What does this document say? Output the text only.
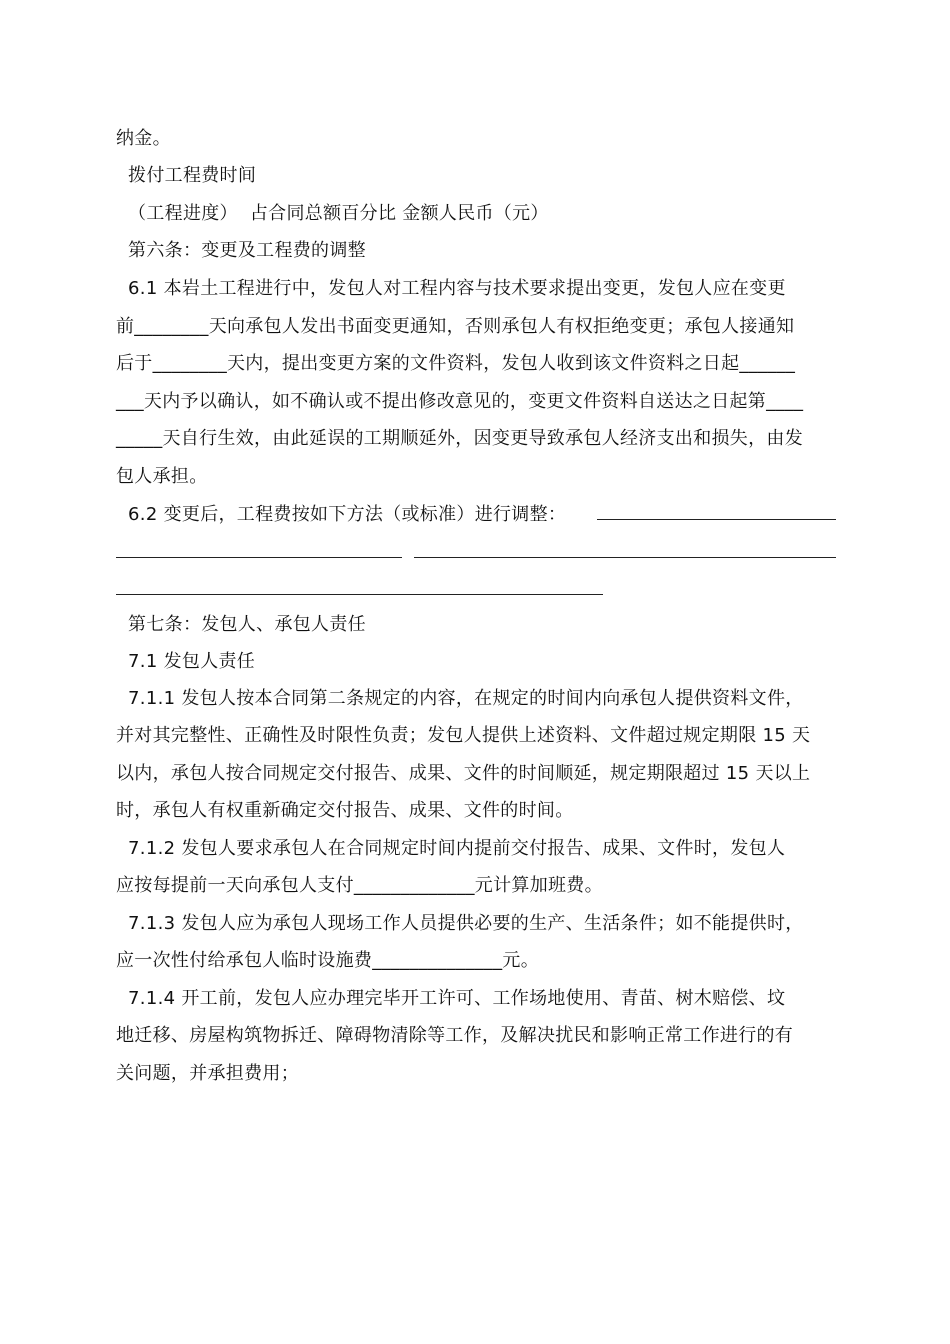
纳金。
拨付工程费时间
（工程进度）  占合同总额百分比 金额人民币（元）
第六条：变更及工程费的调整
6.1 本岩土工程进行中，发包人对工程内容与技术要求提出变更，发包人应在变更
前________天向承包人发出书面变更通知，否则承包人有权拒绝变更；承包人接通知
后于________天内，提出变更方案的文件资料，发包人收到该文件资料之日起______
___天内予以确认，如不确认或不提出修改意见的，变更文件资料自送达之日起第____
_____天自行生效，由此延误的工期顺延外，因变更导致承包人经济支出和损失，由发
包人承担。
6.2 变更后，工程费按如下方法（或标准）进行调整：
第七条：发包人、承包人责任
7.1 发包人责任
7.1.1 发包人按本合同第二条规定的内容，在规定的时间内向承包人提供资料文件，
并对其完整性、正确性及时限性负责；发包人提供上述资料、文件超过规定期限 15 天
以内，承包人按合同规定交付报告、成果、文件的时间顺延，规定期限超过 15 天以上
时，承包人有权重新确定交付报告、成果、文件的时间。
7.1.2 发包人要求承包人在合同规定时间内提前交付报告、成果、文件时，发包人
应按每提前一天向承包人支付_____________元计算加班费。
7.1.3 发包人应为承包人现场工作人员提供必要的生产、生活条件；如不能提供时，
应一次性付给承包人临时设施费______________元。
7.1.4 开工前，发包人应办理完毕开工许可、工作场地使用、青苗、树木赔偿、坟
地迁移、房屋构筑物拆迁、障碍物清除等工作，及解决扰民和影响正常工作进行的有
关问题，并承担费用；
